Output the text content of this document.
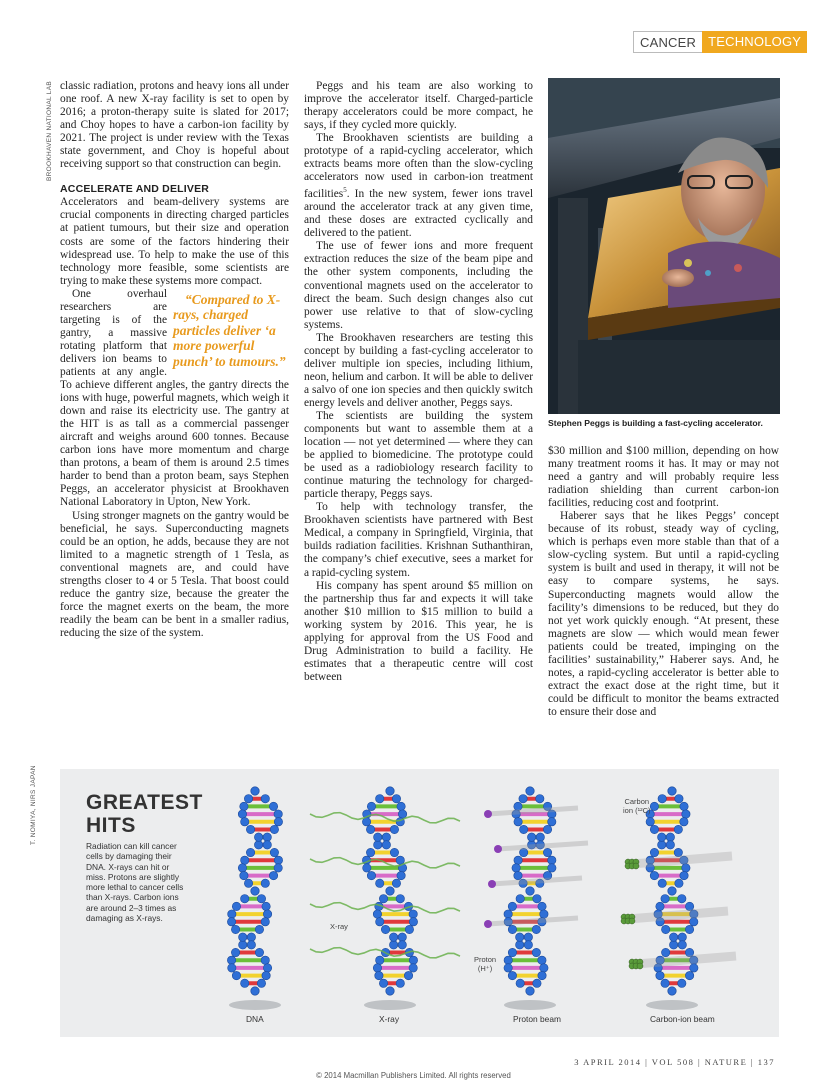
CANCER TECHNOLOGY
BROOKHAVEN NATIONAL LAB classic radiation, protons and heavy ions all under one roof. A new X-ray facility is set to open by 2016; a proton-therapy suite is slated for 2017; and Choy hopes to have a carbon-ion facility by 2021. The project is under review with the Texas state government, and Choy is hopeful about receiving support so that construction can begin.

ACCELERATE AND DELIVER

Accelerators and beam-delivery systems are crucial components in directing charged particles at patient tumours, but their size and operation costs are some of the factors hindering their widespread use. To help to make the use of this technology more feasible, some scientists are trying to make these systems more compact.

“Compared to X-rays, charged particles deliver ‘a more powerful punch’ to tumours.”
One overhaul researchers are targeting is of the gantry, a massive rotating platform that delivers ion beams to patients at any angle. To achieve different angles, the gantry directs the ions with huge, powerful magnets, which weigh it down and raise its electricity use. The gantry at the HIT is as tall as a commercial passenger aircraft and weighs around 600 tonnes. Because carbon ions have more momentum and charge than protons, a beam of them is around 2.5 times harder to bend than a proton beam, says Stephen Peggs, an accelerator physicist at Brookhaven National Laboratory in Upton, New York.

Using stronger magnets on the gantry would be beneficial, he says. Superconducting magnets could be an option, he adds, because they are not limited to a magnetic strength of 1 Tesla, as conventional magnets are, and could have strengths closer to 4 or 5 Tesla. That boost could reduce the gantry size, because the greater the force the magnet exerts on the beam, the more readily the beam can be bent in a smaller radius, reducing the size of the system.

Peggs and his team are also working to improve the accelerator itself. Charged-particle therapy accelerators could be more compact, he says, if they cycled more quickly.

The Brookhaven scientists are building a prototype of a rapid-cycling accelerator, which extracts beams more often than the slow-cycling accelerators now used in carbon-ion treatment facilities$^5$. In the new system, fewer ions travel around the accelerator track at any given time, and these doses are extracted cyclically and delivered to the patient.

The use of fewer ions and more frequent extraction reduces the size of the beam pipe and the other system components, including the conventional magnets used on the accelerator to direct the beam. Such design changes also cut power use relative to that of slow-cycling systems.

The Brookhaven researchers are testing this concept by building a fast-cycling accelerator to deliver multiple ion species, including lithium, neon, helium and carbon. It will be able to deliver a salvo of one ion species and then quickly switch energy levels and deliver another, Peggs says.

The scientists are building the system components but want to assemble them at a location — not yet determined — where they can be applied to biomedicine. The prototype could be used as a radiobiology research facility to continue maturing the technology for charged-particle therapy, Peggs says.

To help with technology transfer, the Brookhaven scientists have partnered with Best Medical, a company in Springfield, Virginia, that builds radiation facilities. Krishnan Suthanthiran, the company’s chief executive, sees a market for a rapid-cycling system.

His company has spent around $5 million on the partnership thus far and expects it will take another $10 million to $15 million to build a working system by 2016. This year, he is applying for approval from the US Food and Drug Administration to build a facility. He estimates that a therapeutic centre will cost between

Stephen Peggs is building a fast-cycling accelerator.

$30 million and $100 million, depending on how many treatment rooms it has. It may or may not need a gantry and will probably require less radiation shielding than current carbon-ion facilities, reducing cost and footprint.

Haberer says that he likes Peggs’ concept because of its robust, steady way of cycling, which is perhaps even more stable than that of a slow-cycling system. But until a rapid-cycling system is built and used in therapy, it will not be easy to compare systems, he says. Superconducting magnets would allow the facility’s dimensions to be reduced, but they do not yet work quickly enough. “At present, these magnets are slow — which would mean fewer patients could be treated, impinging on the facilities’ sustainability,” Haberer says. And, he notes, a rapid-cycling accelerator is better able to extract the exact dose at the right time, but it could be difficult to monitor the beams extracted to ensure their dose and

T. NOMIYA, NIRS JAPAN GREATEST
HITS
Radiation can kill cancer cells by damaging their DNA. X-rays can hit or miss. Protons are slightly more lethal to cancer cells than X-rays. Carbon ions are around 2–3 times as damaging as X-rays.
X-ray
Proton
(H⁺)
Carbon
ion (¹²C)
DNA	X-ray	Proton beam	Carbon-ion beam
3 APRIL 2014 | VOL 508 | NATURE | 137
© 2014 Macmillan Publishers Limited. All rights reserved
